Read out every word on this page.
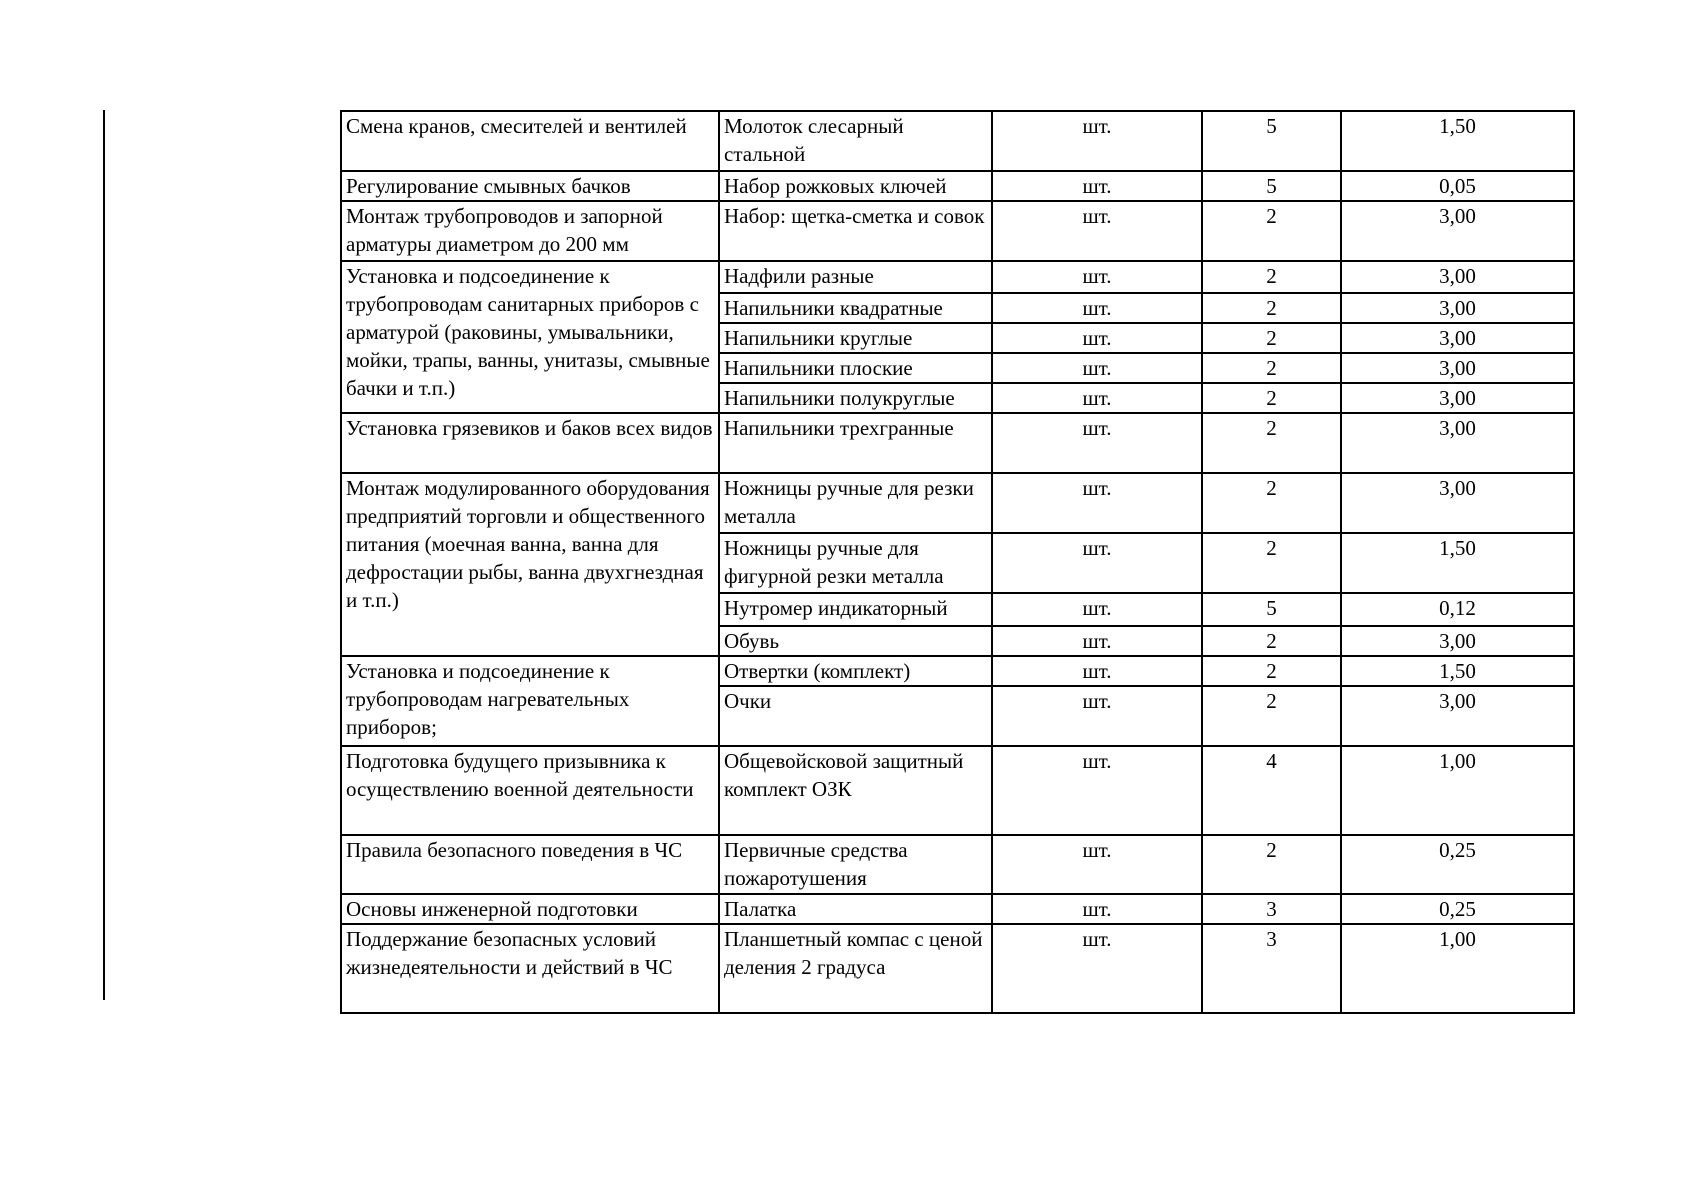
Смена кранов, смесителей и вентилей	Молоток слесарный стальной	шт.	5	1,50
Регулирование смывных бачков	Набор рожковых ключей	шт.	5	0,05
Монтаж трубопроводов и запорной арматуры диаметром до 200 мм	Набор: щетка-сметка и совок	шт.	2	3,00
Установка и подсоединение к трубопроводам санитарных приборов с арматурой (раковины, умывальники, мойки, трапы, ванны, унитазы, смывные бачки и т.п.)	Надфили разные	шт.	2	3,00
	Напильники квадратные	шт.	2	3,00
	Напильники круглые	шт.	2	3,00
	Напильники плоские	шт.	2	3,00
	Напильники полукруглые	шт.	2	3,00
Установка грязевиков и баков всех видов	Напильники трехгранные	шт.	2	3,00
Монтаж модулированного оборудования предприятий торговли и общественного питания (моечная ванна, ванна для дефростации рыбы, ванна двухгнездная и т.п.)	Ножницы ручные для резки металла	шт.	2	3,00
	Ножницы ручные для фигурной резки металла	шт.	2	1,50
	Нутромер индикаторный	шт.	5	0,12
	Обувь	шт.	2	3,00
Установка и подсоединение к трубопроводам нагревательных приборов;	Отвертки (комплект)	шт.	2	1,50
	Очки	шт.	2	3,00
Подготовка будущего призывника к осуществлению военной деятельности	Общевойсковой защитный комплект ОЗК	шт.	4	1,00
Правила безопасного поведения в ЧС	Первичные средства пожаротушения	шт.	2	0,25
Основы инженерной подготовки	Палатка	шт.	3	0,25
Поддержание безопасных условий жизнедеятельности и действий в ЧС	Планшетный компас с ценой деления 2 градуса	шт.	3	1,00
